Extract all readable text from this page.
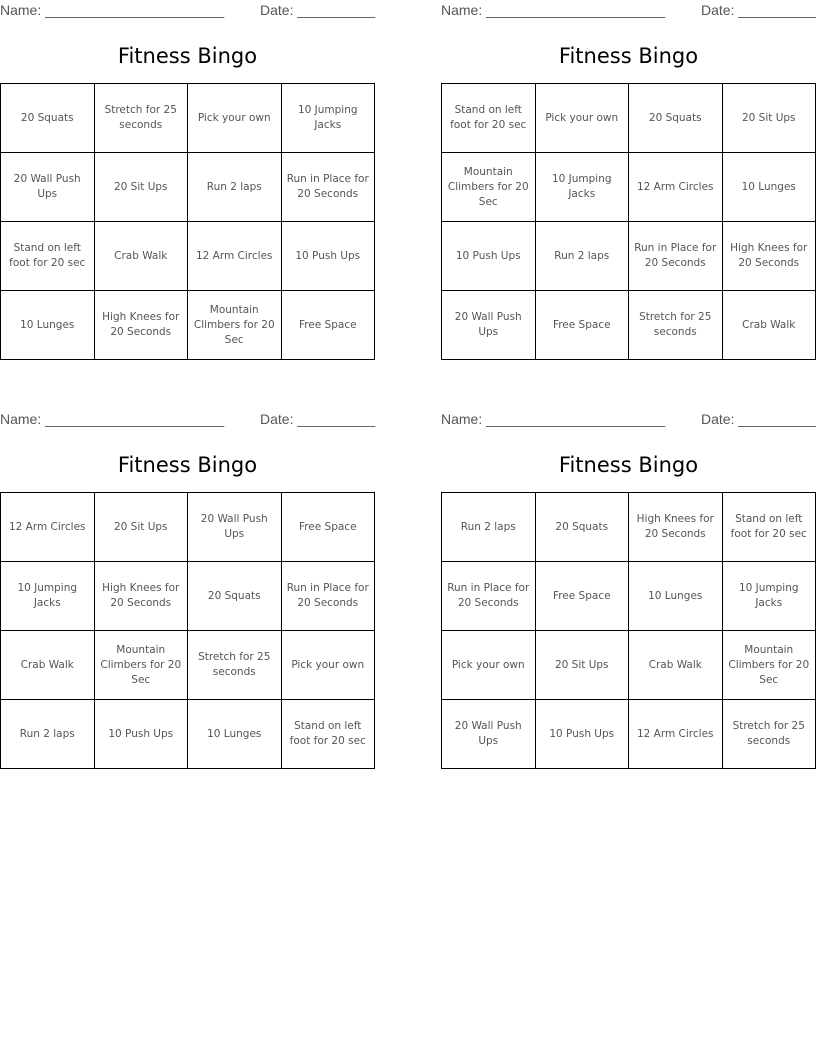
Name: _______________________	Date: __________
Fitness Bingo
20 Squats	Stretch for 25 seconds	Pick your own	10 Jumping Jacks
20 Wall Push Ups	20 Sit Ups	Run 2 laps	Run in Place for 20 Seconds
Stand on left foot for 20 sec	Crab Walk	12 Arm Circles	10 Push Ups
10 Lunges	High Knees for 20 Seconds	Mountain Climbers for 20 Sec	Free Space
Name: _______________________	Date: __________
Fitness Bingo
Stand on left foot for 20 sec	Pick your own	20 Squats	20 Sit Ups
Mountain Climbers for 20 Sec	10 Jumping Jacks	12 Arm Circles	10 Lunges
10 Push Ups	Run 2 laps	Run in Place for 20 Seconds	High Knees for 20 Seconds
20 Wall Push Ups	Free Space	Stretch for 25 seconds	Crab Walk
Name: _______________________	Date: __________
Fitness Bingo
12 Arm Circles	20 Sit Ups	20 Wall Push Ups	Free Space
10 Jumping Jacks	High Knees for 20 Seconds	20 Squats	Run in Place for 20 Seconds
Crab Walk	Mountain Climbers for 20 Sec	Stretch for 25 seconds	Pick your own
Run 2 laps	10 Push Ups	10 Lunges	Stand on left foot for 20 sec
Name: _______________________	Date: __________
Fitness Bingo
Run 2 laps	20 Squats	High Knees for 20 Seconds	Stand on left foot for 20 sec
Run in Place for 20 Seconds	Free Space	10 Lunges	10 Jumping Jacks
Pick your own	20 Sit Ups	Crab Walk	Mountain Climbers for 20 Sec
20 Wall Push Ups	10 Push Ups	12 Arm Circles	Stretch for 25 seconds
